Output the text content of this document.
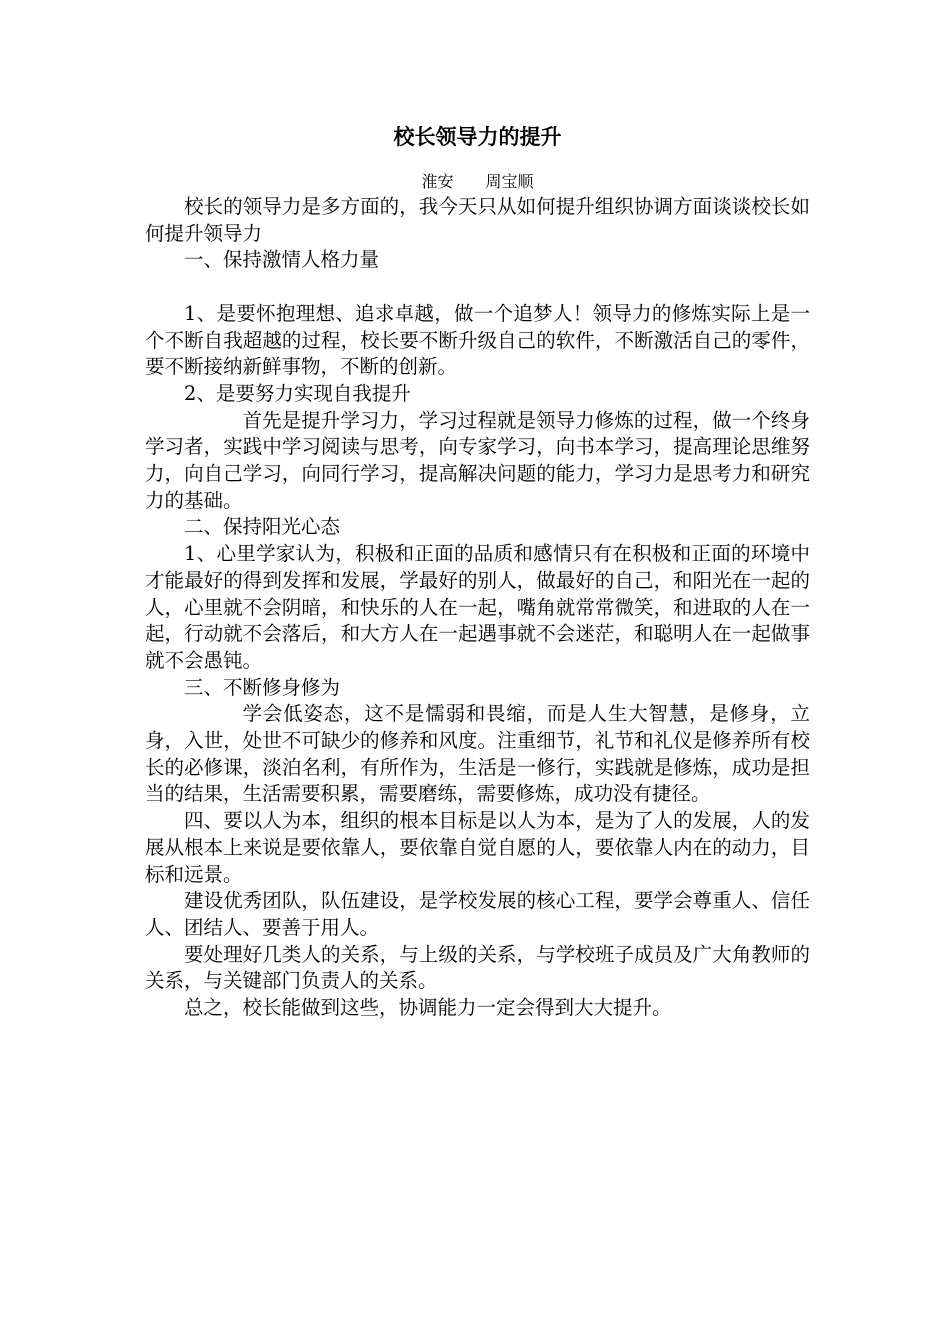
校长领导力的提升
淮安　　周宝顺

校长的领导力是多方面的，我今天只从如何提升组织协调方面谈谈校长如何提升领导力

一、保持激情人格力量

1、是要怀抱理想、追求卓越，做一个追梦人！领导力的修炼实际上是一个不断自我超越的过程，校长要不断升级自己的软件，不断激活自己的零件，要不断接纳新鲜事物，不断的创新。

2、是要努力实现自我提升

首先是提升学习力，学习过程就是领导力修炼的过程，做一个终身学习者，实践中学习阅读与思考，向专家学习，向书本学习，提高理论思维努力，向自己学习，向同行学习，提高解决问题的能力，学习力是思考力和研究力的基础。

二、保持阳光心态

1、心里学家认为，积极和正面的品质和感情只有在积极和正面的环境中才能最好的得到发挥和发展，学最好的别人，做最好的自己，和阳光在一起的人，心里就不会阴暗，和快乐的人在一起，嘴角就常常微笑，和进取的人在一起，行动就不会落后，和大方人在一起遇事就不会迷茫，和聪明人在一起做事就不会愚钝。

三、不断修身修为

学会低姿态，这不是懦弱和畏缩，而是人生大智慧，是修身，立身，入世，处世不可缺少的修养和风度。注重细节，礼节和礼仪是修养所有校长的必修课，淡泊名利，有所作为，生活是一修行，实践就是修炼，成功是担当的结果，生活需要积累，需要磨练，需要修炼，成功没有捷径。

四、要以人为本，组织的根本目标是以人为本，是为了人的发展，人的发展从根本上来说是要依靠人，要依靠自觉自愿的人，要依靠人内在的动力，目标和远景。

建设优秀团队，队伍建设，是学校发展的核心工程，要学会尊重人、信任人、团结人、要善于用人。

要处理好几类人的关系，与上级的关系，与学校班子成员及广大角教师的关系，与关键部门负责人的关系。

总之，校长能做到这些，协调能力一定会得到大大提升。
